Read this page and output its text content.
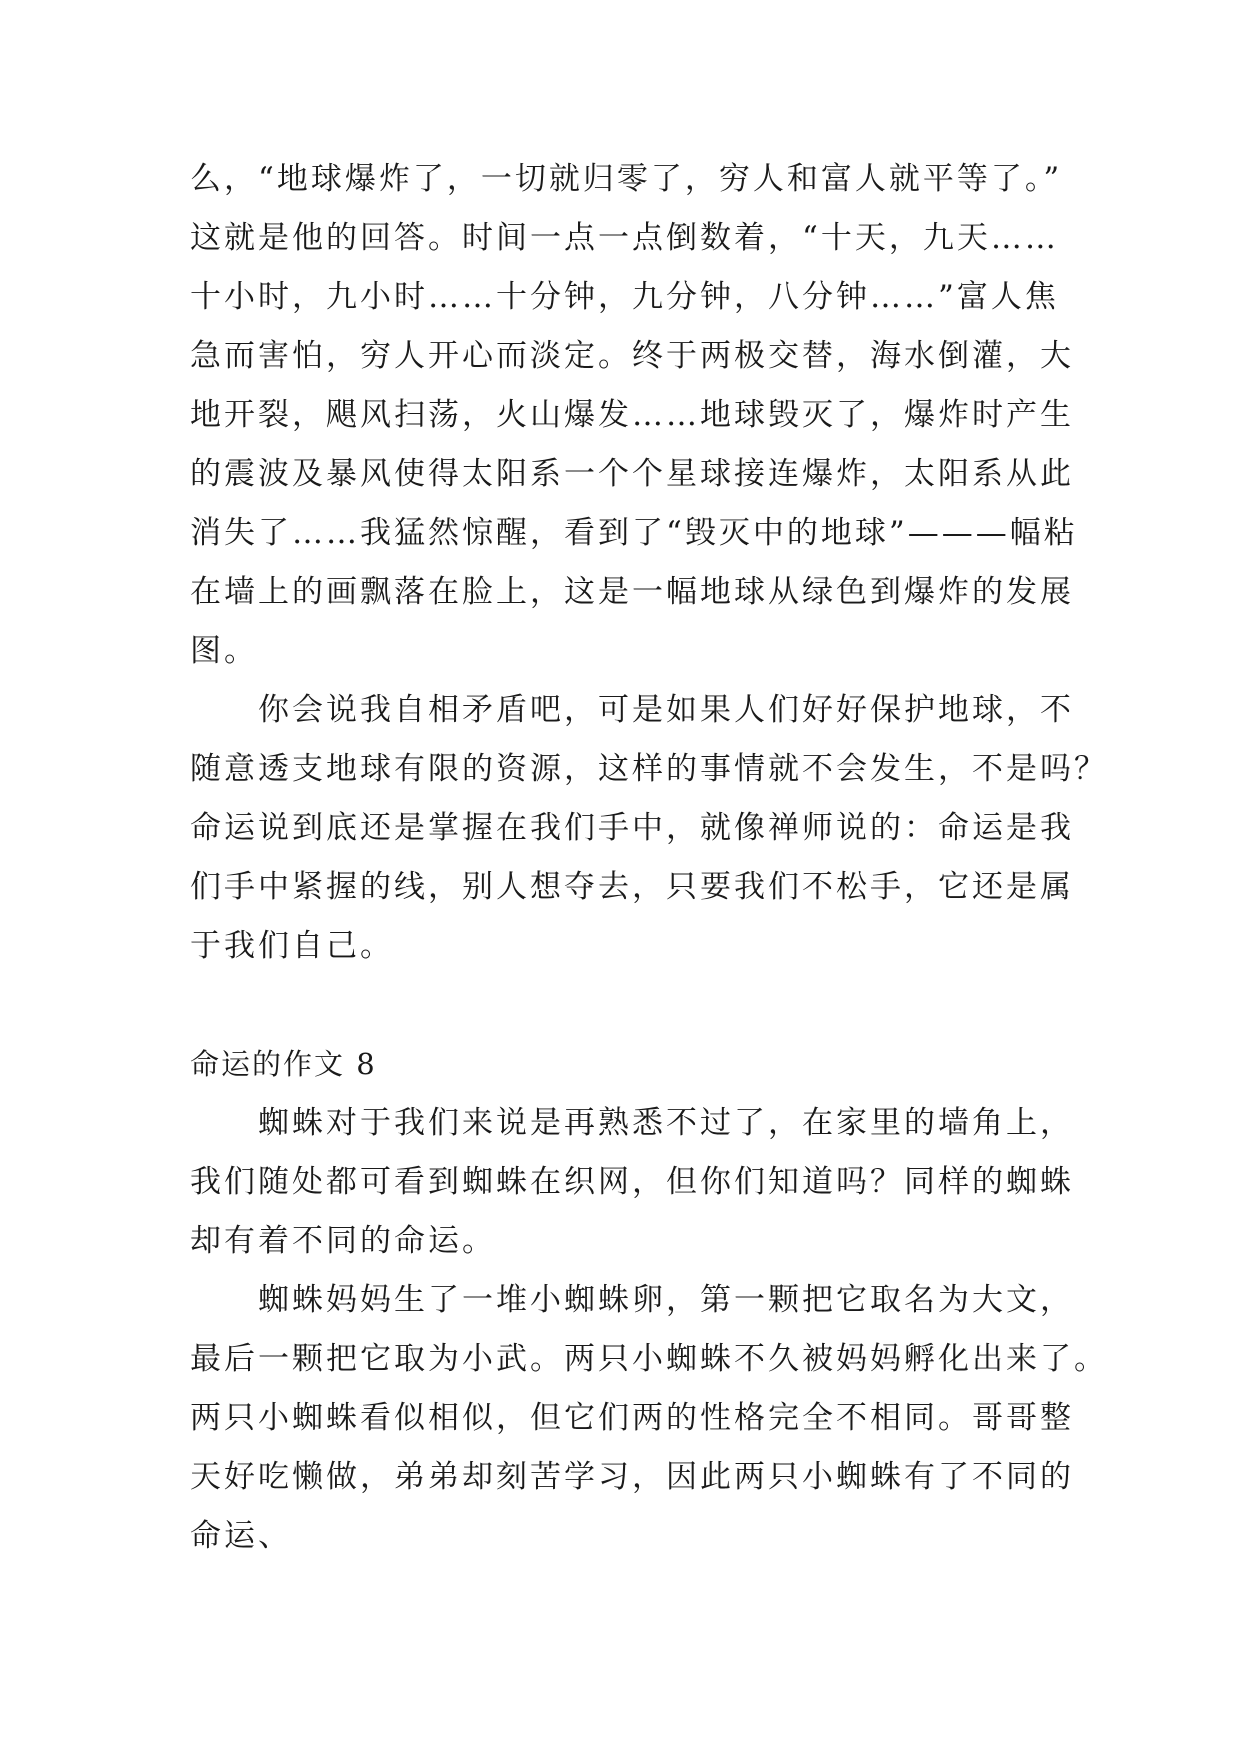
么，“地球爆炸了，一切就归零了，穷人和富人就平等了。”
这就是他的回答。时间一点一点倒数着，“十天，九天……
十小时，九小时……十分钟，九分钟，八分钟……”富人焦
急而害怕，穷人开心而淡定。终于两极交替，海水倒灌，大
地开裂，飓风扫荡，火山爆发……地球毁灭了，爆炸时产生
的震波及暴风使得太阳系一个个星球接连爆炸，太阳系从此
消失了……我猛然惊醒，看到了“毁灭中的地球”———幅粘
在墙上的画飘落在脸上，这是一幅地球从绿色到爆炸的发展
图。
你会说我自相矛盾吧，可是如果人们好好保护地球，不
随意透支地球有限的资源，这样的事情就不会发生，不是吗？
命运说到底还是掌握在我们手中，就像禅师说的：命运是我
们手中紧握的线，别人想夺去，只要我们不松手，它还是属
于我们自己。
命运的作文 8
蜘蛛对于我们来说是再熟悉不过了，在家里的墙角上，
我们随处都可看到蜘蛛在织网，但你们知道吗？同样的蜘蛛
却有着不同的命运。
蜘蛛妈妈生了一堆小蜘蛛卵，第一颗把它取名为大文，
最后一颗把它取为小武。两只小蜘蛛不久被妈妈孵化出来了。
两只小蜘蛛看似相似，但它们两的性格完全不相同。哥哥整
天好吃懒做，弟弟却刻苦学习，因此两只小蜘蛛有了不同的
命运、
